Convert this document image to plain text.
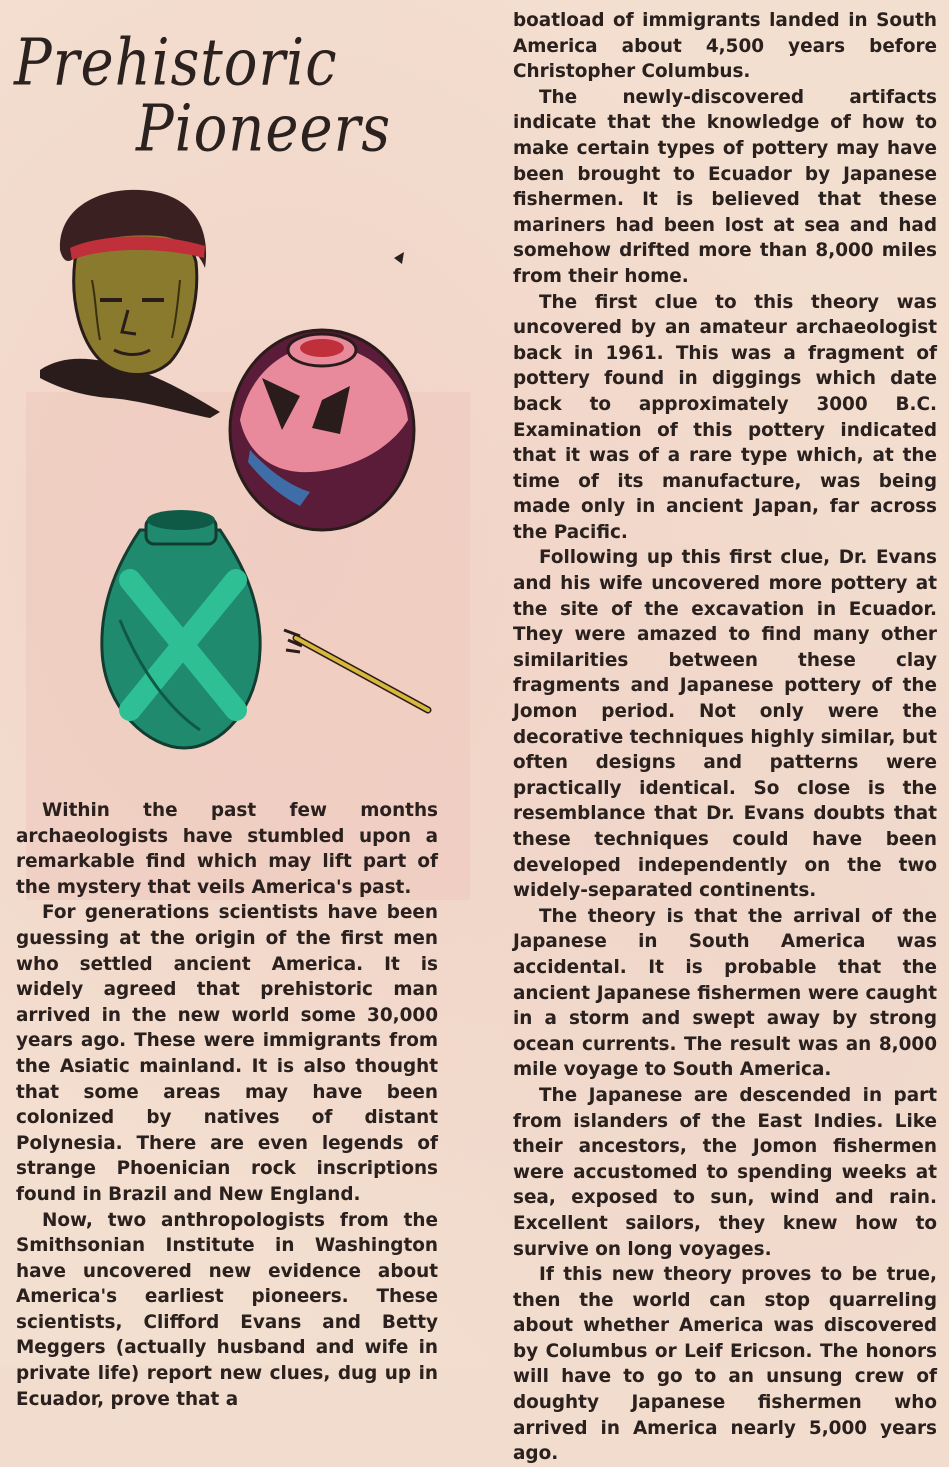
Prehistoric
Pioneers

Within the past few months archaeologists have stumbled upon a remarkable find which may lift part of the mystery that veils America's past.

For generations scientists have been guessing at the origin of the first men who settled ancient America. It is widely agreed that prehistoric man arrived in the new world some 30,000 years ago. These were immigrants from the Asiatic mainland. It is also thought that some areas may have been colonized by natives of distant Polynesia. There are even legends of strange Phoenician rock inscriptions found in Brazil and New England.

Now, two anthropologists from the Smithsonian Institute in Washington have uncovered new evidence about America's earliest pioneers. These scientists, Clifford Evans and Betty Meggers (actually husband and wife in private life) report new clues, dug up in Ecuador, prove that a

boatload of immigrants landed in South America about 4,500 years before Christopher Columbus.

The newly-discovered artifacts indicate that the knowledge of how to make certain types of pottery may have been brought to Ecuador by Japanese fishermen. It is believed that these mariners had been lost at sea and had somehow drifted more than 8,000 miles from their home.

The first clue to this theory was uncovered by an amateur archaeologist back in 1961. This was a fragment of pottery found in diggings which date back to approximately 3000 B.C. Examination of this pottery indicated that it was of a rare type which, at the time of its manufacture, was being made only in ancient Japan, far across the Pacific.

Following up this first clue, Dr. Evans and his wife uncovered more pottery at the site of the excavation in Ecuador. They were amazed to find many other similarities between these clay fragments and Japanese pottery of the Jomon period. Not only were the decorative techniques highly similar, but often designs and patterns were practically identical. So close is the resemblance that Dr. Evans doubts that these techniques could have been developed independently on the two widely-separated continents.

The theory is that the arrival of the Japanese in South America was accidental. It is probable that the ancient Japanese fishermen were caught in a storm and swept away by strong ocean currents. The result was an 8,000 mile voyage to South America.

The Japanese are descended in part from islanders of the East Indies. Like their ancestors, the Jomon fishermen were accustomed to spending weeks at sea, exposed to sun, wind and rain. Excellent sailors, they knew how to survive on long voyages.

If this new theory proves to be true, then the world can stop quarreling about whether America was discovered by Columbus or Leif Ericson. The honors will have to go to an unsung crew of doughty Japanese fishermen who arrived in America nearly 5,000 years ago.
